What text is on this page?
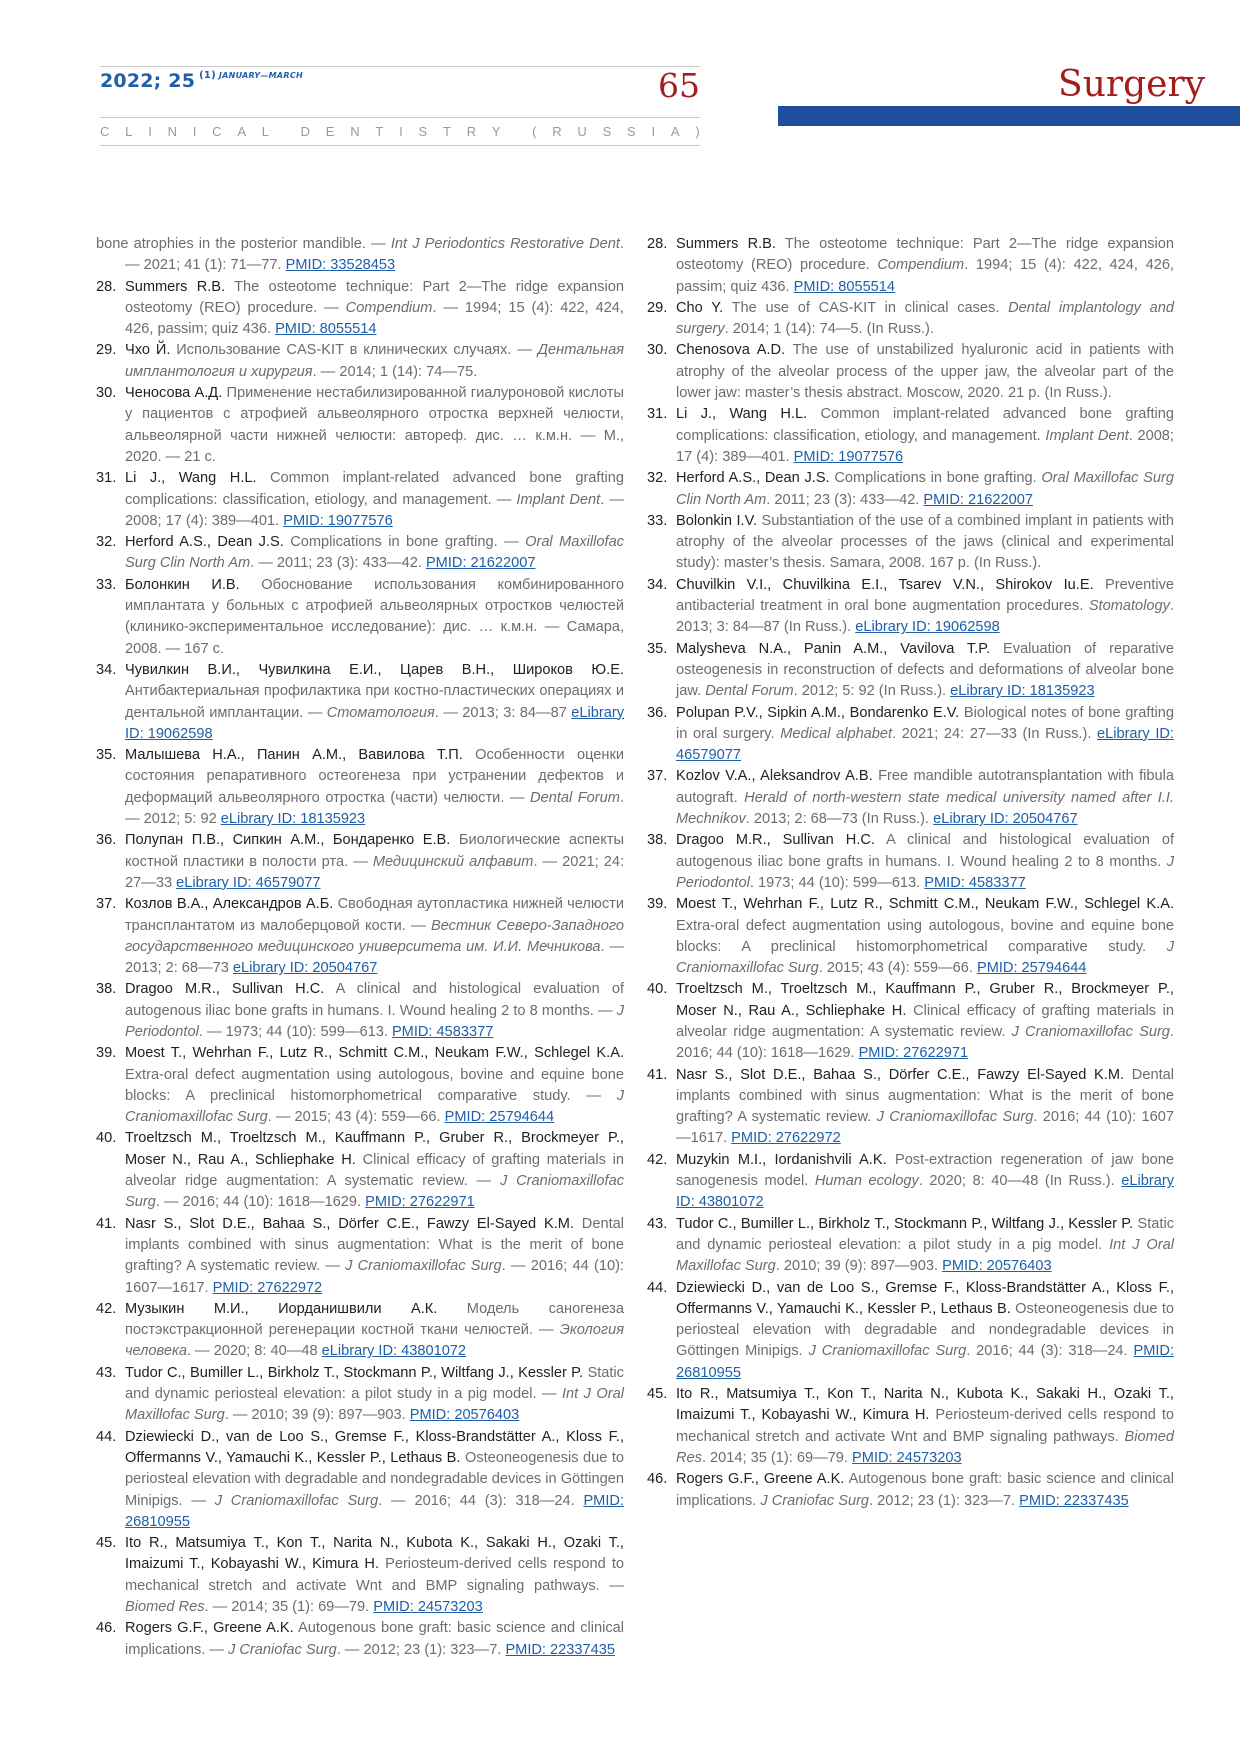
2022; 25 $^{(1)}$ $^{JANUARY—MARCH}$	65	Surgery
C L I N I C A L D E N T I S T R Y ( R U S S I A )

bone atrophies in the posterior mandible. — Int J Periodontics Restorative Dent. — 2021; 41 (1): 71—77. PMID: 33528453

28. Summers R.B. The osteotome technique: Part 2—The ridge expansion osteotomy (REO) procedure. — Compendium. — 1994; 15 (4): 422, 424, 426, passim; quiz 436. PMID: 8055514

29. Чхо Й. Использование CAS-KIT в клинических случаях. — Дентальная имплантология и хирургия. — 2014; 1 (14): 74—75.

30. Ченосова А.Д. Применение нестабилизированной гиалуроновой кислоты у пациентов с атрофией альвеолярного отростка верхней челюсти, альвеолярной части нижней челюсти: автореф. дис. … к.м.н. — М., 2020. — 21 с.

31. Li J., Wang H.L. Common implant-related advanced bone grafting complications: classification, etiology, and management. — Implant Dent. — 2008; 17 (4): 389—401. PMID: 19077576

32. Herford A.S., Dean J.S. Complications in bone grafting. — Oral Maxillofac Surg Clin North Am. — 2011; 23 (3): 433—42. PMID: 21622007

33. Болонкин И.В. Обоснование использования комбинированного имплантата у больных с атрофией альвеолярных отростков челюстей (клинико-экспериментальное исследование): дис. … к.м.н. — Самара, 2008. — 167 с.

34. Чувилкин В.И., Чувилкина Е.И., Царев В.Н., Широков Ю.Е. Антибактериальная профилактика при костно-пластических операциях и дентальной имплантации. — Стоматология. — 2013; 3: 84—87 eLibrary ID: 19062598

35. Малышева Н.А., Панин А.М., Вавилова Т.П. Особенности оценки состояния репаративного остеогенеза при устранении дефектов и деформаций альвеолярного отростка (части) челюсти. — Dental Forum. — 2012; 5: 92 eLibrary ID: 18135923

36. Полупан П.В., Сипкин А.М., Бондаренко Е.В. Биологические аспекты костной пластики в полости рта. — Медицинский алфавит. — 2021; 24: 27—33 eLibrary ID: 46579077

37. Козлов В.А., Александров А.Б. Свободная аутопластика нижней челюсти трансплантатом из малоберцовой кости. — Вестник Северо-Западного государственного медицинского университета им. И.И. Мечникова. — 2013; 2: 68—73 eLibrary ID: 20504767

38. Dragoo M.R., Sullivan H.C. A clinical and histological evaluation of autogenous iliac bone grafts in humans. I. Wound healing 2 to 8 months. — J Periodontol. — 1973; 44 (10): 599—613. PMID: 4583377

39. Moest T., Wehrhan F., Lutz R., Schmitt C.M., Neukam F.W., Schlegel K.A. Extra-oral defect augmentation using autologous, bovine and equine bone blocks: A preclinical histomorphometrical comparative study. — J Craniomaxillofac Surg. — 2015; 43 (4): 559—66. PMID: 25794644

40. Troeltzsch M., Troeltzsch M., Kauffmann P., Gruber R., Brockmeyer P., Moser N., Rau A., Schliephake H. Clinical efficacy of grafting materials in alveolar ridge augmentation: A systematic review. — J Craniomaxillofac Surg. — 2016; 44 (10): 1618—1629. PMID: 27622971

41. Nasr S., Slot D.E., Bahaa S., Dörfer C.E., Fawzy El-Sayed K.M. Dental implants combined with sinus augmentation: What is the merit of bone grafting? A systematic review. — J Craniomaxillofac Surg. — 2016; 44 (10): 1607—1617. PMID: 27622972

42. Музыкин М.И., Иорданишвили А.К. Модель саногенеза постэкстракционной регенерации костной ткани челюстей. — Экология человека. — 2020; 8: 40—48 eLibrary ID: 43801072

43. Tudor C., Bumiller L., Birkholz T., Stockmann P., Wiltfang J., Kessler P. Static and dynamic periosteal elevation: a pilot study in a pig model. — Int J Oral Maxillofac Surg. — 2010; 39 (9): 897—903. PMID: 20576403

44. Dziewiecki D., van de Loo S., Gremse F., Kloss-Brandstätter A., Kloss F., Offermanns V., Yamauchi K., Kessler P., Lethaus B. Osteoneogenesis due to periosteal elevation with degradable and nondegradable devices in Göttingen Minipigs. — J Craniomaxillofac Surg. — 2016; 44 (3): 318—24. PMID: 26810955

45. Ito R., Matsumiya T., Kon T., Narita N., Kubota K., Sakaki H., Ozaki T., Imaizumi T., Kobayashi W., Kimura H. Periosteum-derived cells respond to mechanical stretch and activate Wnt and BMP signaling pathways. — Biomed Res. — 2014; 35 (1): 69—79. PMID: 24573203

46. Rogers G.F., Greene A.K. Autogenous bone graft: basic science and clinical implications. — J Craniofac Surg. — 2012; 23 (1): 323—7. PMID: 22337435

28. Summers R.B. The osteotome technique: Part 2—The ridge expansion osteotomy (REO) procedure. Compendium. 1994; 15 (4): 422, 424, 426, passim; quiz 436. PMID: 8055514

29. Cho Y. The use of CAS-KIT in clinical cases. Dental implantology and surgery. 2014; 1 (14): 74—5. (In Russ.).

30. Chenosova A.D. The use of unstabilized hyaluronic acid in patients with atrophy of the alveolar process of the upper jaw, the alveolar part of the lower jaw: master’s thesis abstract. Moscow, 2020. 21 p. (In Russ.).

31. Li J., Wang H.L. Common implant-related advanced bone grafting complications: classification, etiology, and management. Implant Dent. 2008; 17 (4): 389—401. PMID: 19077576

32. Herford A.S., Dean J.S. Complications in bone grafting. Oral Maxillofac Surg Clin North Am. 2011; 23 (3): 433—42. PMID: 21622007

33. Bolonkin I.V. Substantiation of the use of a combined implant in patients with atrophy of the alveolar processes of the jaws (clinical and experimental study): master’s thesis. Samara, 2008. 167 p. (In Russ.).

34. Chuvilkin V.I., Chuvilkina E.I., Tsarev V.N., Shirokov Iu.E. Preventive antibacterial treatment in oral bone augmentation procedures. Stomatology. 2013; 3: 84—87 (In Russ.). eLibrary ID: 19062598

35. Malysheva N.A., Panin A.M., Vavilova T.P. Evaluation of reparative osteogenesis in reconstruction of defects and deformations of alveolar bone jaw. Dental Forum. 2012; 5: 92 (In Russ.). eLibrary ID: 18135923

36. Polupan P.V., Sipkin A.M., Bondarenko E.V. Biological notes of bone grafting in oral surgery. Medical alphabet. 2021; 24: 27—33 (In Russ.). eLibrary ID: 46579077

37. Kozlov V.A., Aleksandrov A.B. Free mandible autotransplantation with fibula autograft. Herald of north-western state medical university named after I.I. Mechnikov. 2013; 2: 68—73 (In Russ.). eLibrary ID: 20504767

38. Dragoo M.R., Sullivan H.C. A clinical and histological evaluation of autogenous iliac bone grafts in humans. I. Wound healing 2 to 8 months. J Periodontol. 1973; 44 (10): 599—613. PMID: 4583377

39. Moest T., Wehrhan F., Lutz R., Schmitt C.M., Neukam F.W., Schlegel K.A. Extra-oral defect augmentation using autologous, bovine and equine bone blocks: A preclinical histomorphometrical comparative study. J Craniomaxillofac Surg. 2015; 43 (4): 559—66. PMID: 25794644

40. Troeltzsch M., Troeltzsch M., Kauffmann P., Gruber R., Brockmeyer P., Moser N., Rau A., Schliephake H. Clinical efficacy of grafting materials in alveolar ridge augmentation: A systematic review. J Craniomaxillofac Surg. 2016; 44 (10): 1618—1629. PMID: 27622971

41. Nasr S., Slot D.E., Bahaa S., Dörfer C.E., Fawzy El-Sayed K.M. Dental implants combined with sinus augmentation: What is the merit of bone grafting? A systematic review. J Craniomaxillofac Surg. 2016; 44 (10): 1607—1617. PMID: 27622972

42. Muzykin M.I., Iordanishvili A.K. Post-extraction regeneration of jaw bone sanogenesis model. Human ecology. 2020; 8: 40—48 (In Russ.). eLibrary ID: 43801072

43. Tudor C., Bumiller L., Birkholz T., Stockmann P., Wiltfang J., Kessler P. Static and dynamic periosteal elevation: a pilot study in a pig model. Int J Oral Maxillofac Surg. 2010; 39 (9): 897—903. PMID: 20576403

44. Dziewiecki D., van de Loo S., Gremse F., Kloss-Brandstätter A., Kloss F., Offermanns V., Yamauchi K., Kessler P., Lethaus B. Osteoneogenesis due to periosteal elevation with degradable and nondegradable devices in Göttingen Minipigs. J Craniomaxillofac Surg. 2016; 44 (3): 318—24. PMID: 26810955

45. Ito R., Matsumiya T., Kon T., Narita N., Kubota K., Sakaki H., Ozaki T., Imaizumi T., Kobayashi W., Kimura H. Periosteum-derived cells respond to mechanical stretch and activate Wnt and BMP signaling pathways. Biomed Res. 2014; 35 (1): 69—79. PMID: 24573203

46. Rogers G.F., Greene A.K. Autogenous bone graft: basic science and clinical implications. J Craniofac Surg. 2012; 23 (1): 323—7. PMID: 22337435
